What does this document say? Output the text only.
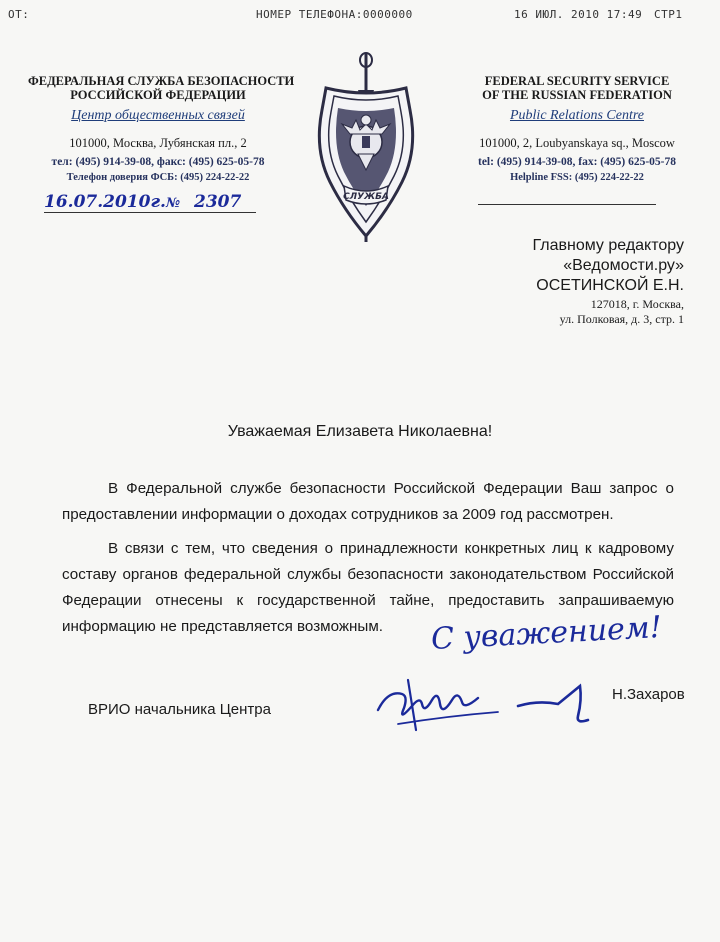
ОТ:	НОМЕР ТЕЛЕФОНА:0000000	16 ИЮЛ. 2010 17:49 СТР1
ФЕДЕРАЛЬНАЯ СЛУЖБА БЕЗОПАСНОСТИ
РОССИЙСКОЙ ФЕДЕРАЦИИ
Центр общественных связей
101000, Москва, Лубянская пл., 2
тел: (495) 914-39-08, факс: (495) 625-05-78
Телефон доверия ФСБ: (495) 224-22-22
FEDERAL SECURITY SERVICE
OF THE RUSSIAN FEDERATION
Public Relations Centre
101000, 2, Loubyanskaya sq., Moscow
tel: (495) 914-39-08, fax: (495) 625-05-78
Helpline FSS: (495) 224-22-22
СЛУЖБА
16.07.2010г.№ 2307
Главному редактору
«Ведомости.ру»
ОСЕТИНСКОЙ Е.Н.
127018, г. Москва,
ул. Полковая, д. 3, стр. 1
Уважаемая Елизавета Николаевна!
В Федеральной службе безопасности Российской Федерации Ваш запрос о предоставлении информации о доходах сотрудников за 2009 год рассмотрен.
В связи с тем, что сведения о принадлежности конкретных лиц к кадровому составу органов федеральной службы безопасности законодательством Российской Федерации отнесены к государственной тайне, предоставить запрашиваемую информацию не представляется возможным.	С уважением!
ВРИО начальника Центра
Н.Захаров
